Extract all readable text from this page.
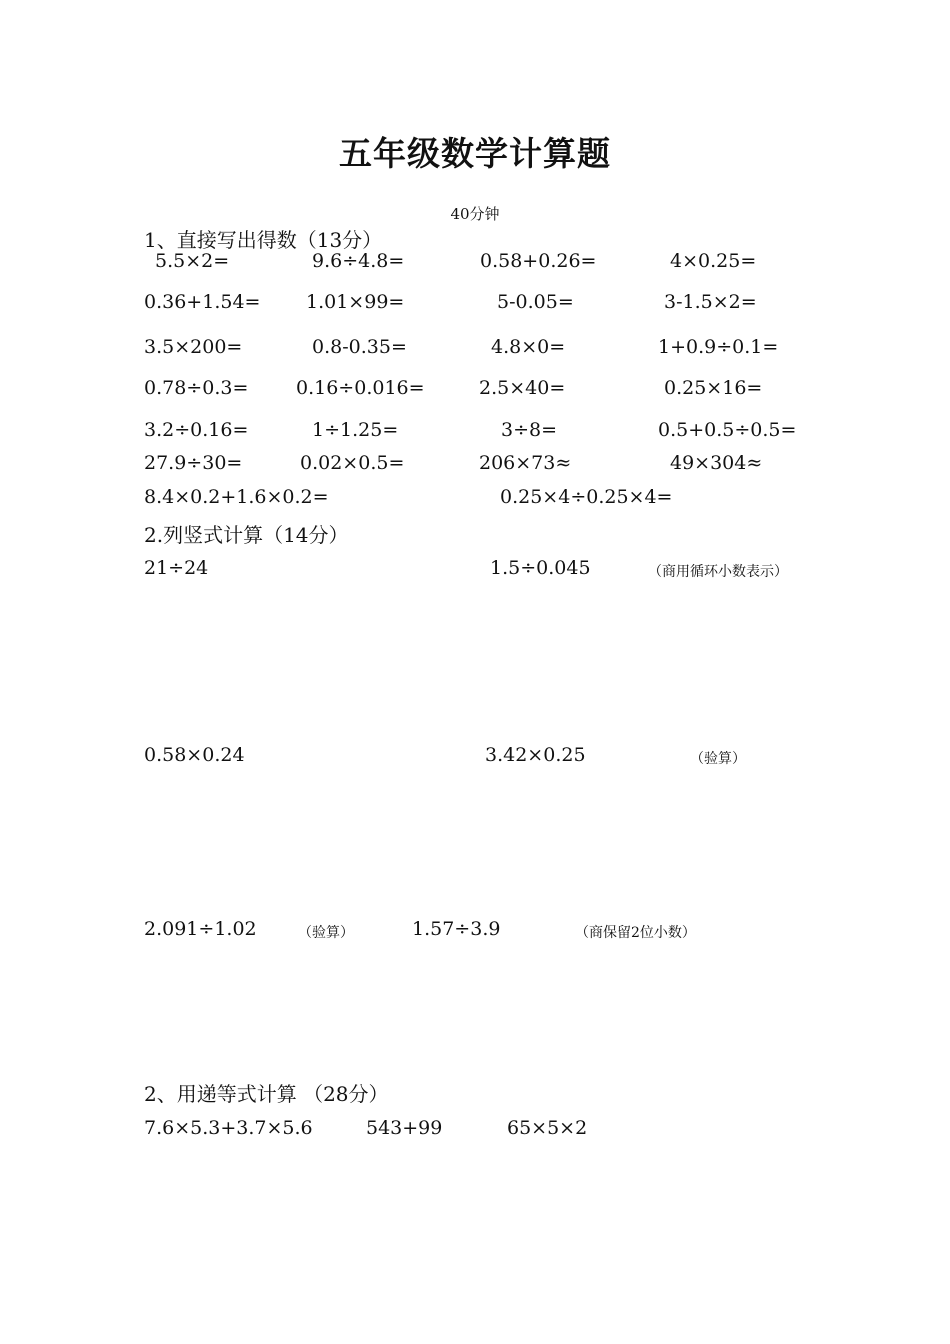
五年级数学计算题
40分钟
1、直接写出得数（13分）
5.5×2=	9.6÷4.8=	0.58+0.26=	4×0.25=
0.36+1.54= 1.01×99=	5-0.05=	3-1.5×2=
3.5×200=	0.8-0.35=	4.8×0=	1+0.9÷0.1=
0.78÷0.3=	0.16÷0.016=	2.5×40=	0.25×16=
3.2÷0.16=	1÷1.25=	3÷8=	0.5+0.5÷0.5=
27.9÷30=	0.02×0.5=	206×73≈	49×304≈
8.4×0.2+1.6×0.2=	0.25×4÷0.25×4=
2.列竖式计算（14分）
21÷24	1.5÷0.045	（商用循环小数表示）
0.58×0.24	3.42×0.25	（验算）
2.091÷1.02	（验算）	1.57÷3.9	（商保留2位小数）
2、用递等式计算 （28分）
7.6×5.3+3.7×5.6	543+99	65×5×2
